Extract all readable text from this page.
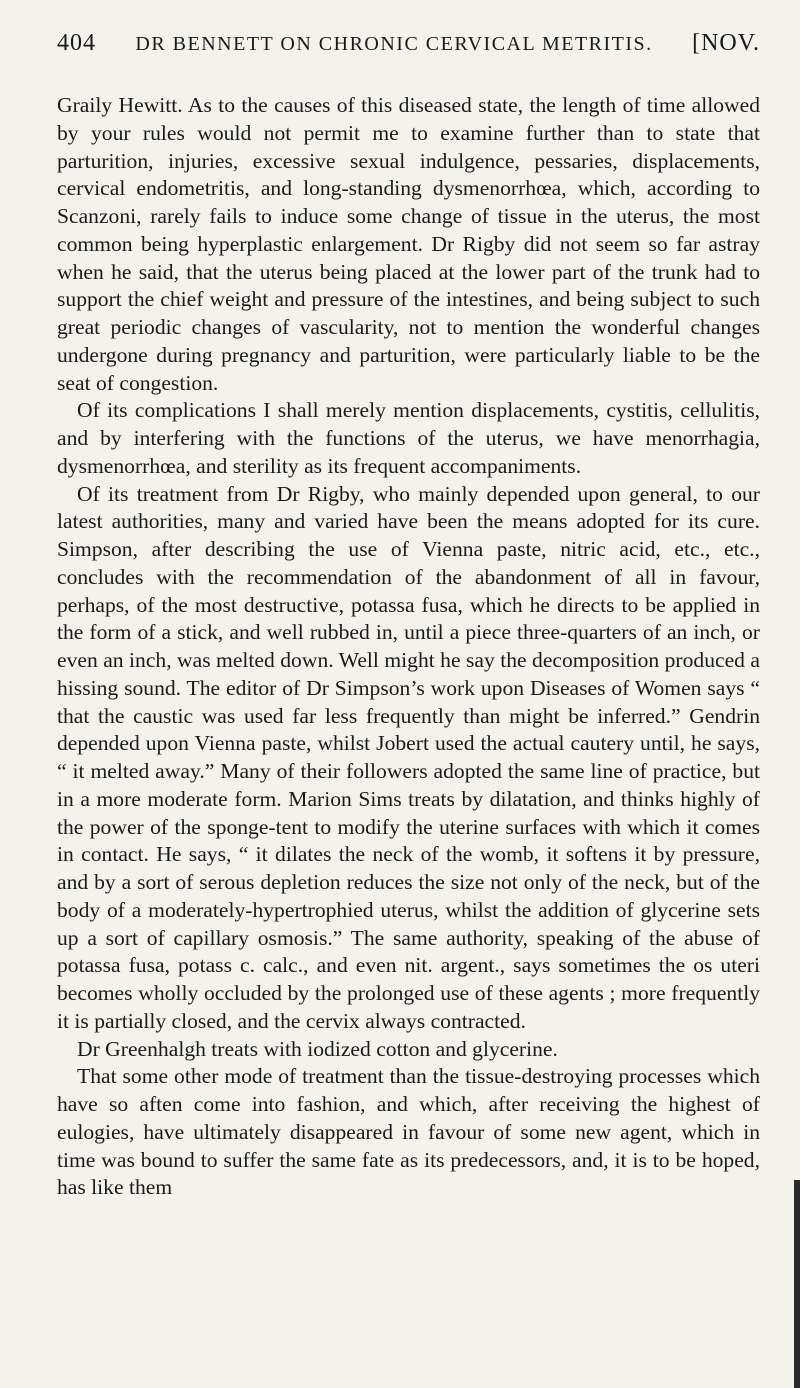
404 DR BENNETT ON CHRONIC CERVICAL METRITIS. [NOV.

Graily Hewitt. As to the causes of this diseased state, the length of time allowed by your rules would not permit me to examine further than to state that parturition, injuries, excessive sexual indulgence, pessaries, displacements, cervical endometritis, and long-standing dysmenorrhœa, which, according to Scanzoni, rarely fails to induce some change of tissue in the uterus, the most common being hyperplastic enlargement. Dr Rigby did not seem so far astray when he said, that the uterus being placed at the lower part of the trunk had to support the chief weight and pressure of the intestines, and being subject to such great periodic changes of vascularity, not to mention the wonderful changes undergone during pregnancy and parturition, were particularly liable to be the seat of congestion.

Of its complications I shall merely mention displacements, cystitis, cellulitis, and by interfering with the functions of the uterus, we have menorrhagia, dysmenorrhœa, and sterility as its frequent accompaniments.

Of its treatment from Dr Rigby, who mainly depended upon general, to our latest authorities, many and varied have been the means adopted for its cure. Simpson, after describing the use of Vienna paste, nitric acid, etc., etc., concludes with the recommendation of the abandonment of all in favour, perhaps, of the most destructive, potassa fusa, which he directs to be applied in the form of a stick, and well rubbed in, until a piece three-quarters of an inch, or even an inch, was melted down. Well might he say the decomposition produced a hissing sound. The editor of Dr Simpson’s work upon Diseases of Women says “ that the caustic was used far less frequently than might be inferred.” Gendrin depended upon Vienna paste, whilst Jobert used the actual cautery until, he says, “ it melted away.” Many of their followers adopted the same line of practice, but in a more moderate form. Marion Sims treats by dilatation, and thinks highly of the power of the sponge-tent to modify the uterine surfaces with which it comes in contact. He says, “ it dilates the neck of the womb, it softens it by pressure, and by a sort of serous depletion reduces the size not only of the neck, but of the body of a moderately-hypertrophied uterus, whilst the addition of glycerine sets up a sort of capillary osmosis.” The same authority, speaking of the abuse of potassa fusa, potass c. calc., and even nit. argent., says sometimes the os uteri becomes wholly occluded by the prolonged use of these agents ; more frequently it is partially closed, and the cervix always contracted.

Dr Greenhalgh treats with iodized cotton and glycerine.

That some other mode of treatment than the tissue-destroying processes which have so aften come into fashion, and which, after receiving the highest of eulogies, have ultimately disappeared in favour of some new agent, which in time was bound to suffer the same fate as its predecessors, and, it is to be hoped, has like them
